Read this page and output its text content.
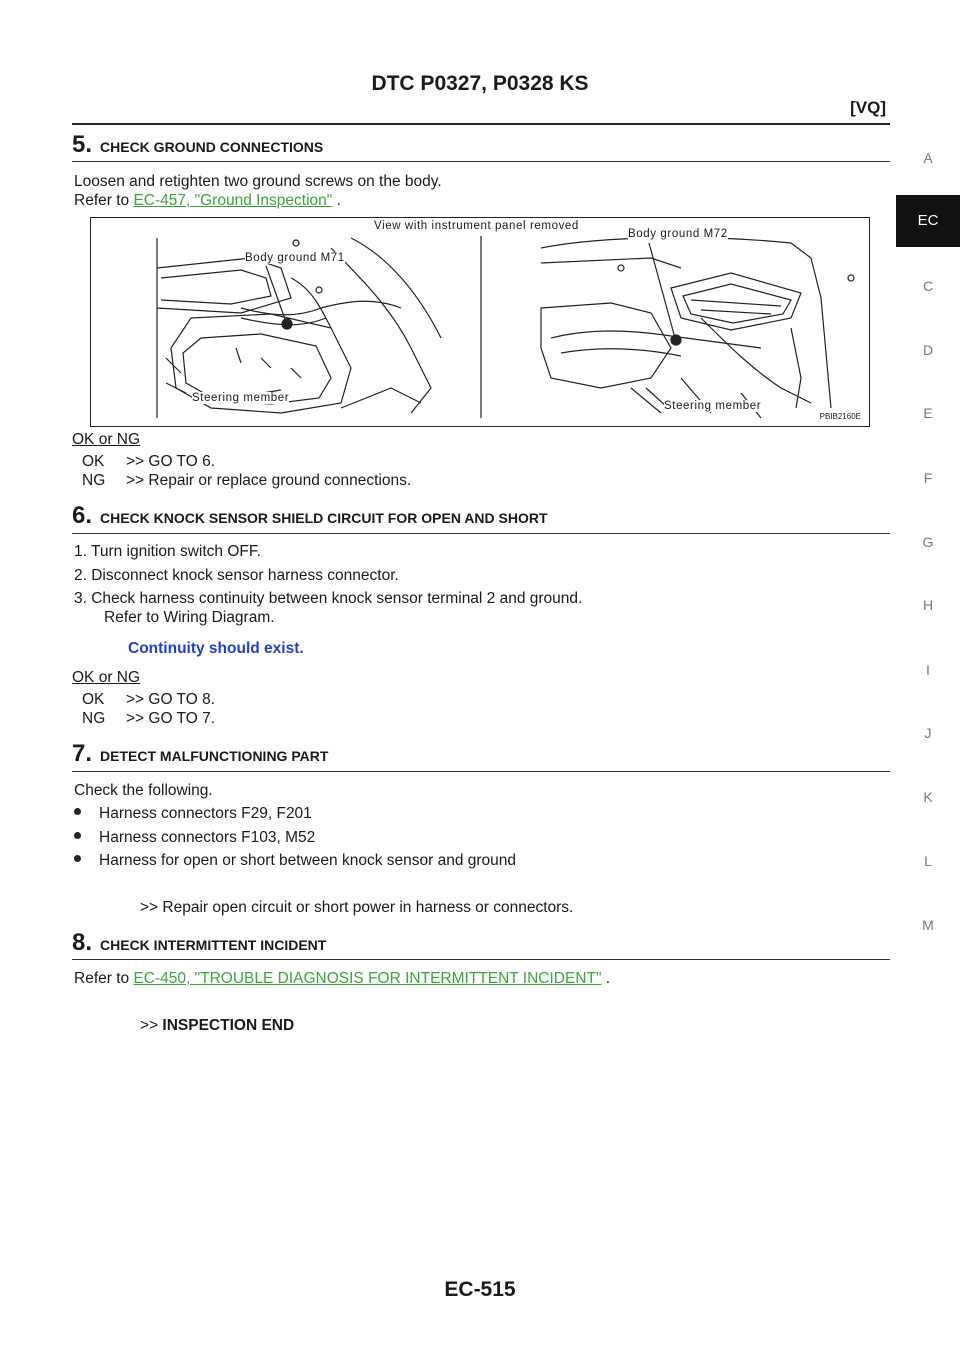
DTC P0327, P0328 KS
[VQ]
A
EC
C
D
E
F
G
H
I
J
K
L
M
5. CHECK GROUND CONNECTIONS
Loosen and retighten two ground screws on the body.
Refer to EC-457, "Ground Inspection" .
View with instrument panel removed
Body ground M71
Body ground M72
Steering member
Steering member
PBIB2160E
OK or NG
OK >> GO TO 6.
NG >> Repair or replace ground connections.
6. CHECK KNOCK SENSOR SHIELD CIRCUIT FOR OPEN AND SHORT
1. Turn ignition switch OFF.
2. Disconnect knock sensor harness connector.
3. Check harness continuity between knock sensor terminal 2 and ground.
Refer to Wiring Diagram.
Continuity should exist.
OK or NG
OK >> GO TO 8.
NG >> GO TO 7.
7. DETECT MALFUNCTIONING PART
Check the following.
Harness connectors F29, F201
Harness connectors F103, M52
Harness for open or short between knock sensor and ground
>> Repair open circuit or short power in harness or connectors.
8. CHECK INTERMITTENT INCIDENT
Refer to EC-450, "TROUBLE DIAGNOSIS FOR INTERMITTENT INCIDENT" .
>> INSPECTION END
EC-515
